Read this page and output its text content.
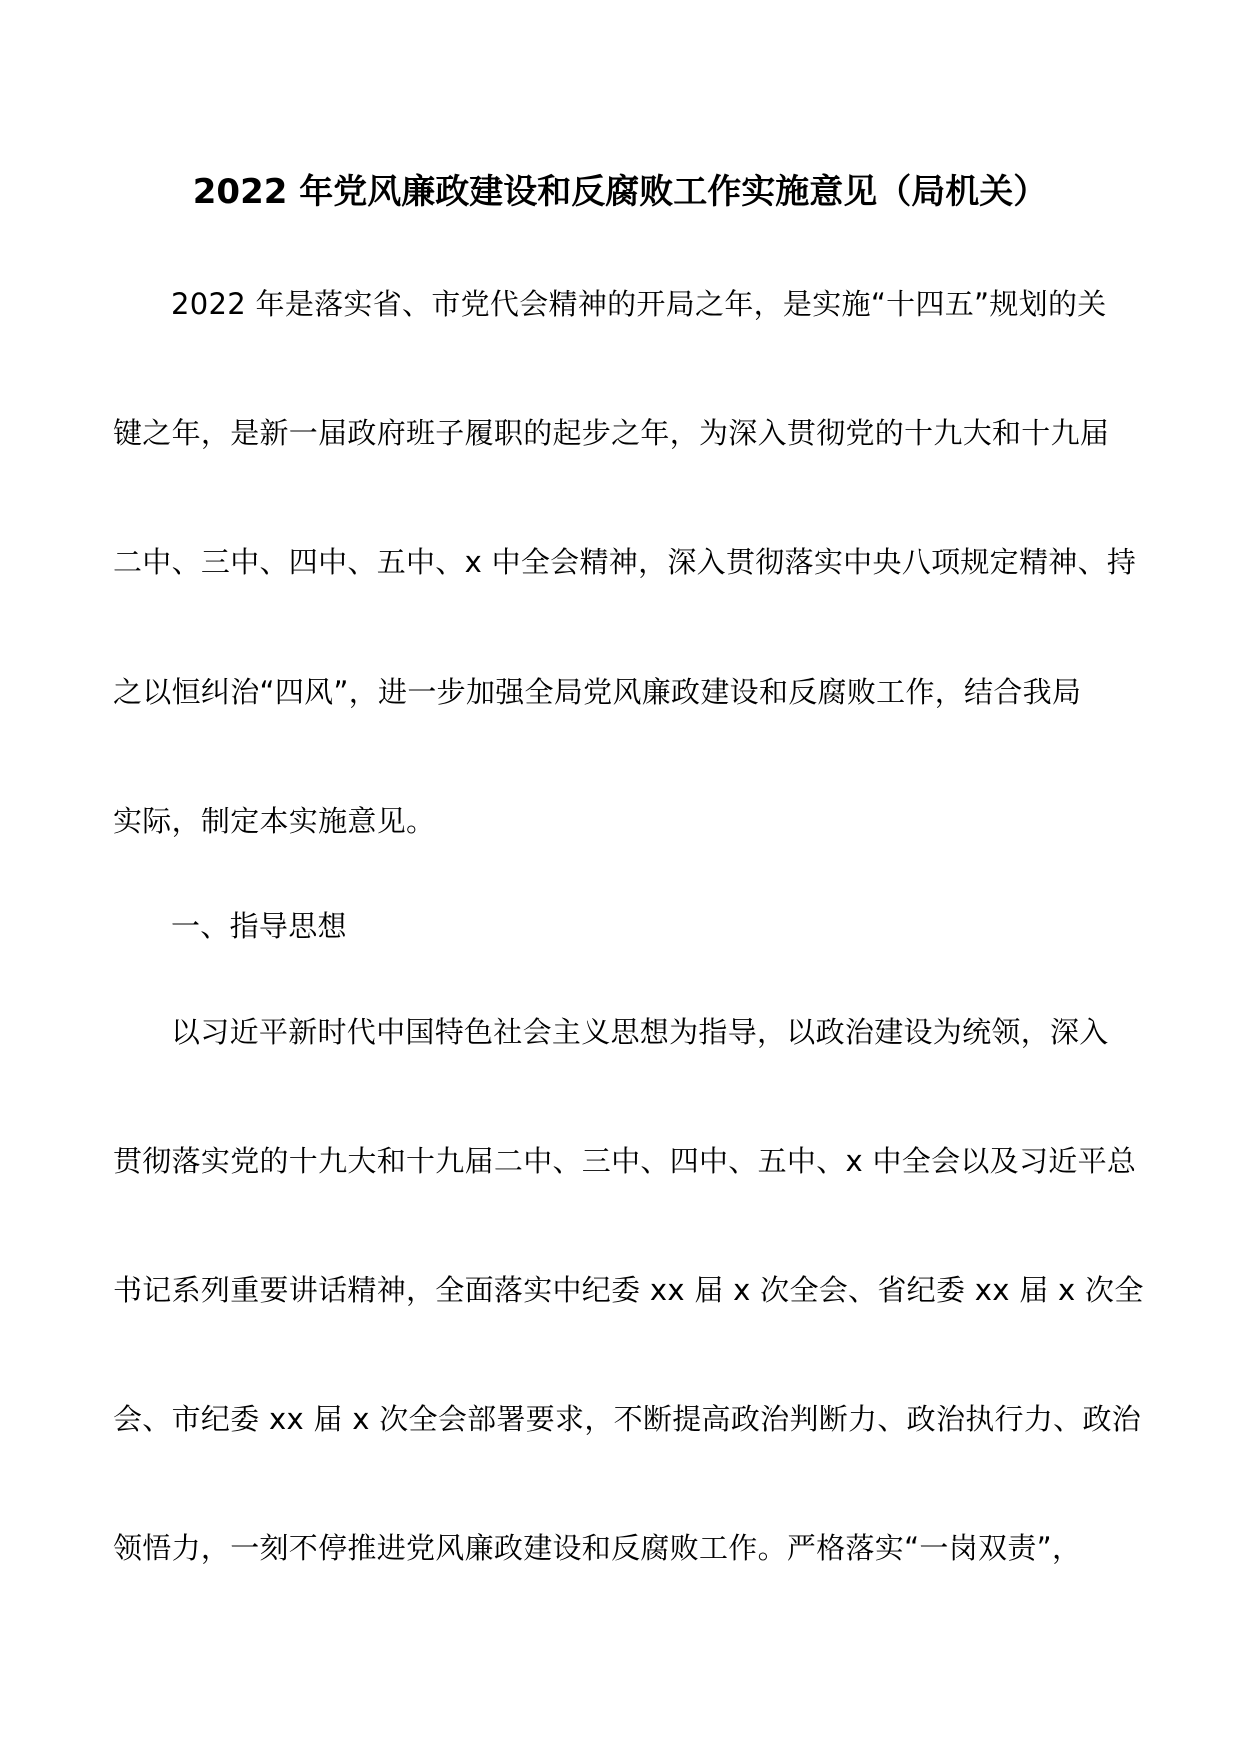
2022 年党风廉政建设和反腐败工作实施意见（局机关）
2022 年是落实省、市党代会精神的开局之年，是实施“十四五”规划的关
键之年，是新一届政府班子履职的起步之年，为深入贯彻党的十九大和十九届
二中、三中、四中、五中、x 中全会精神，深入贯彻落实中央八项规定精神、持
之以恒纠治“四风”，进一步加强全局党风廉政建设和反腐败工作，结合我局
实际，制定本实施意见。
一、指导思想
以习近平新时代中国特色社会主义思想为指导，以政治建设为统领，深入
贯彻落实党的十九大和十九届二中、三中、四中、五中、x 中全会以及习近平总
书记系列重要讲话精神，全面落实中纪委 xx 届 x 次全会、省纪委 xx 届 x 次全
会、市纪委 xx 届 x 次全会部署要求，不断提高政治判断力、政治执行力、政治
领悟力，一刻不停推进党风廉政建设和反腐败工作。严格落实“一岗双责”，
